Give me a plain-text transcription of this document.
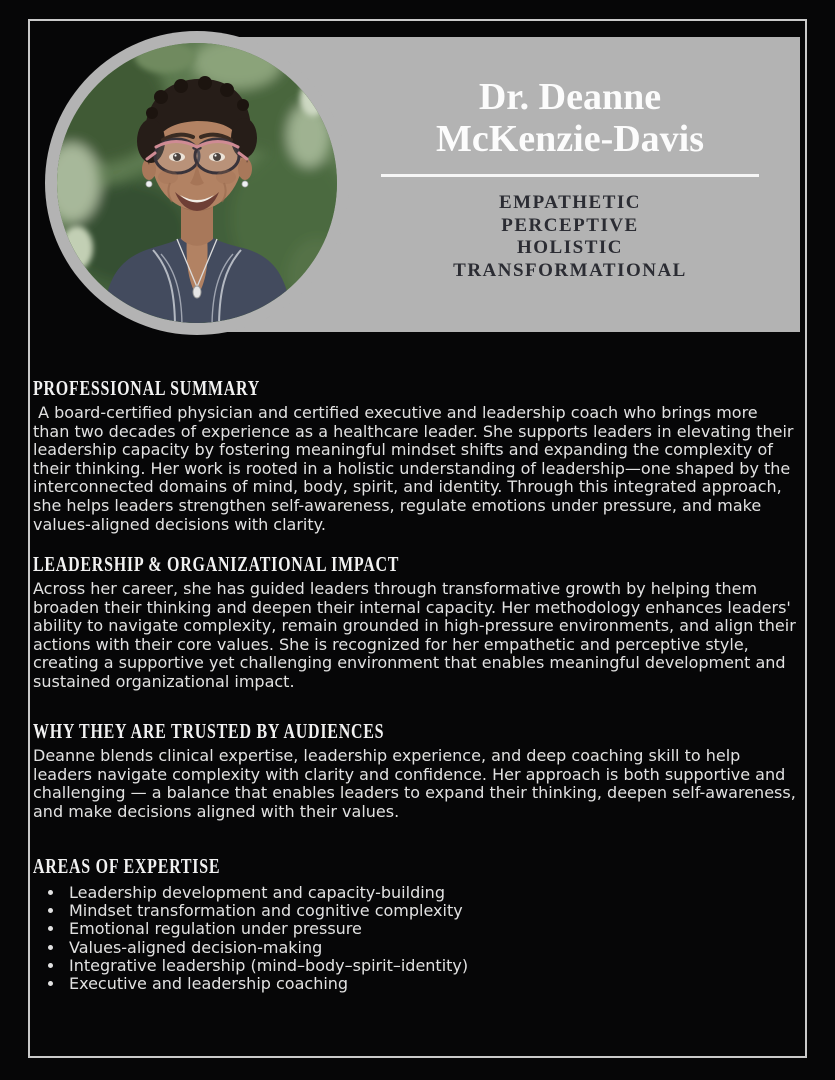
Dr. Deanne
McKenzie-Davis
EMPATHETIC
PERCEPTIVE
HOLISTIC
TRANSFORMATIONAL
PROFESSIONAL SUMMARY

A board-certified physician and certified executive and leadership coach who brings more than two decades of experience as a healthcare leader. She supports leaders in elevating their leadership capacity by fostering meaningful mindset shifts and expanding the complexity of their thinking. Her work is rooted in a holistic understanding of leadership—one shaped by the interconnected domains of mind, body, spirit, and identity. Through this integrated approach, she helps leaders strengthen self-awareness, regulate emotions under pressure, and make values-aligned decisions with clarity.

LEADERSHIP & ORGANIZATIONAL IMPACT

Across her career, she has guided leaders through transformative growth by helping them broaden their thinking and deepen their internal capacity. Her methodology enhances leaders' ability to navigate complexity, remain grounded in high-pressure environments, and align their actions with their core values. She is recognized for her empathetic and perceptive style, creating a supportive yet challenging environment that enables meaningful development and sustained organizational impact.

WHY THEY ARE TRUSTED BY AUDIENCES

Deanne blends clinical expertise, leadership experience, and deep coaching skill to help leaders navigate complexity with clarity and confidence. Her approach is both supportive and challenging — a balance that enables leaders to expand their thinking, deepen self-awareness, and make decisions aligned with their values.

AREAS OF EXPERTISE
• Leadership development and capacity-building
• Mindset transformation and cognitive complexity
• Emotional regulation under pressure
• Values-aligned decision-making
• Integrative leadership (mind–body–spirit–identity)
• Executive and leadership coaching
